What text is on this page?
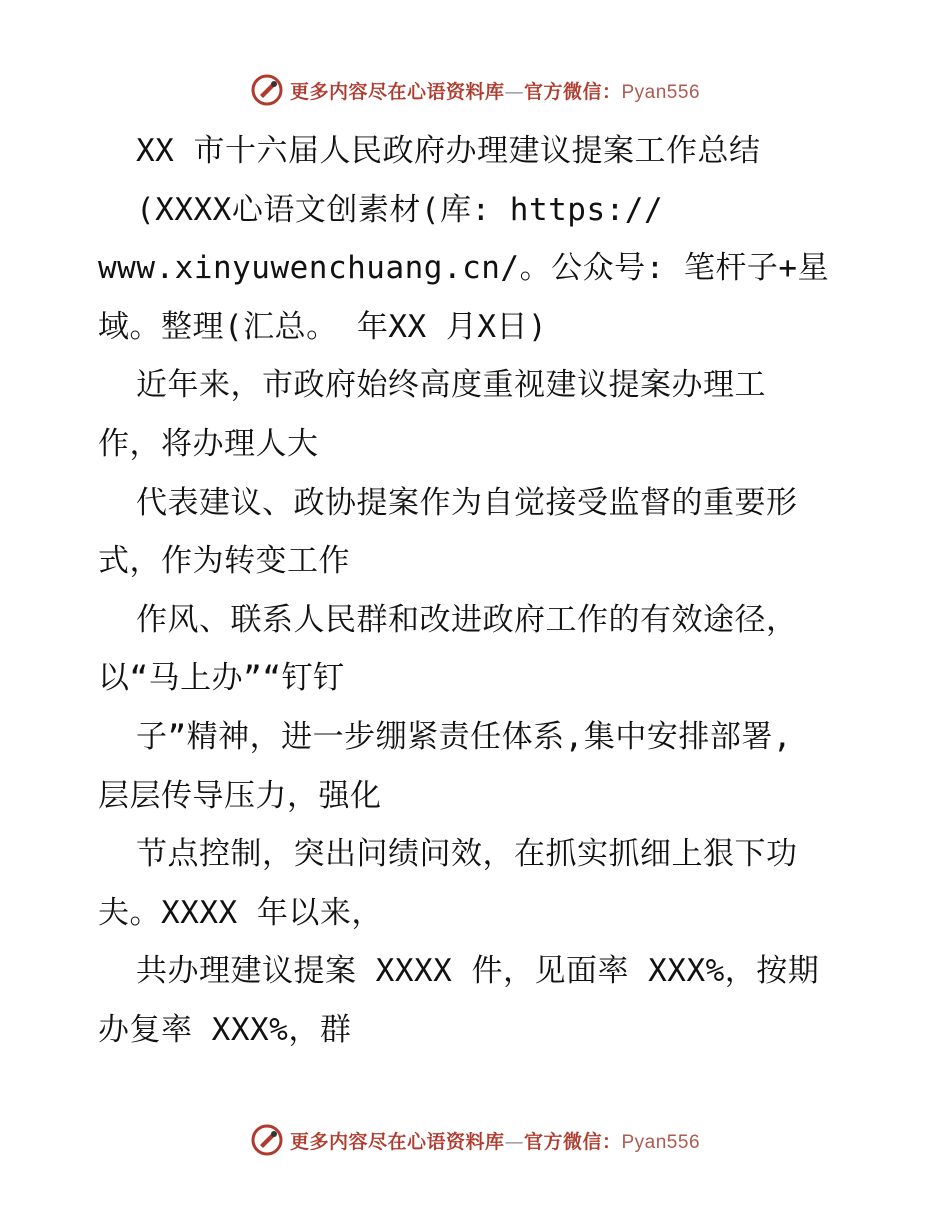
更多内容尽在心语资料库—官方微信：Pyan556
XX 市十六届人民政府办理建议提案工作总结
(XXXX心语文创素材(库: https://
www.xinyuwenchuang.cn/。公众号: 笔杆子+星
域。整理(汇总。 年XX 月X日)
近年来，市政府始终高度重视建议提案办理工
作，将办理人大
代表建议、政协提案作为自觉接受监督的重要形
式，作为转变工作
作风、联系人民群和改进政府工作的有效途径，
以“马上办”“钉钉
子”精神，进一步绷紧责任体系,集中安排部署,
层层传导压力，强化
节点控制，突出问绩问效，在抓实抓细上狠下功
夫。XXXX 年以来，
共办理建议提案 XXXX 件，见面率 XXX%，按期
办复率 XXX%，群
更多内容尽在心语资料库—官方微信：Pyan556
